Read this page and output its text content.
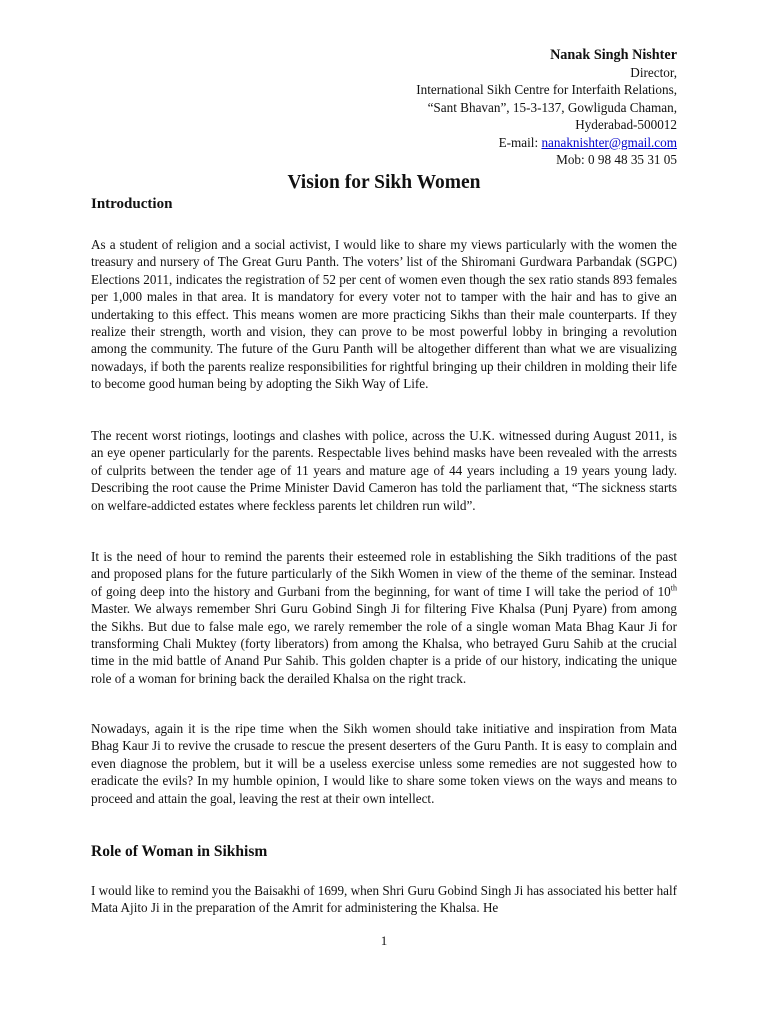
Nanak Singh Nishter
Director,
International Sikh Centre for Interfaith Relations,
“Sant Bhavan”, 15-3-137, Gowliguda Chaman,
Hyderabad-500012
E-mail: nanaknishter@gmail.com
Mob: 0 98 48 35 31 05
Vision for Sikh Women
Introduction

As a student of religion and a social activist, I would like to share my views particularly with the women the treasury and nursery of The Great Guru Panth. The voters’ list of the Shiromani Gurdwara Parbandak (SGPC) Elections 2011, indicates the registration of 52 per cent of women even though the sex ratio stands 893 females per 1,000 males in that area. It is mandatory for every voter not to tamper with the hair and has to give an undertaking to this effect. This means women are more practicing Sikhs than their male counterparts. If they realize their strength, worth and vision, they can prove to be most powerful lobby in bringing a revolution among the community. The future of the Guru Panth will be altogether different than what we are visualizing nowadays, if both the parents realize responsibilities for rightful bringing up their children in molding their life to become good human being by adopting the Sikh Way of Life.

The recent worst riotings, lootings and clashes with police, across the U.K. witnessed during August 2011, is an eye opener particularly for the parents. Respectable lives behind masks have been revealed with the arrests of culprits between the tender age of 11 years and mature age of 44 years including a 19 years young lady. Describing the root cause the Prime Minister David Cameron has told the parliament that, “The sickness starts on welfare-addicted estates where feckless parents let children run wild”.

It is the need of hour to remind the parents their esteemed role in establishing the Sikh traditions of the past and proposed plans for the future particularly of the Sikh Women in view of the theme of the seminar. Instead of going deep into the history and Gurbani from the beginning, for want of time I will take the period of 10th Master. We always remember Shri Guru Gobind Singh Ji for filtering Five Khalsa (Punj Pyare) from among the Sikhs. But due to false male ego, we rarely remember the role of a single woman Mata Bhag Kaur Ji for transforming Chali Muktey (forty liberators) from among the Khalsa, who betrayed Guru Sahib at the crucial time in the mid battle of Anand Pur Sahib. This golden chapter is a pride of our history, indicating the unique role of a woman for brining back the derailed Khalsa on the right track.

Nowadays, again it is the ripe time when the Sikh women should take initiative and inspiration from Mata Bhag Kaur Ji to revive the crusade to rescue the present deserters of the Guru Panth. It is easy to complain and even diagnose the problem, but it will be a useless exercise unless some remedies are not suggested how to eradicate the evils? In my humble opinion, I would like to share some token views on the ways and means to proceed and attain the goal, leaving the rest at their own intellect.

Role of Woman in Sikhism

I would like to remind you the Baisakhi of 1699, when Shri Guru Gobind Singh Ji has associated his better half Mata Ajito Ji in the preparation of the Amrit for administering the Khalsa. He

1
